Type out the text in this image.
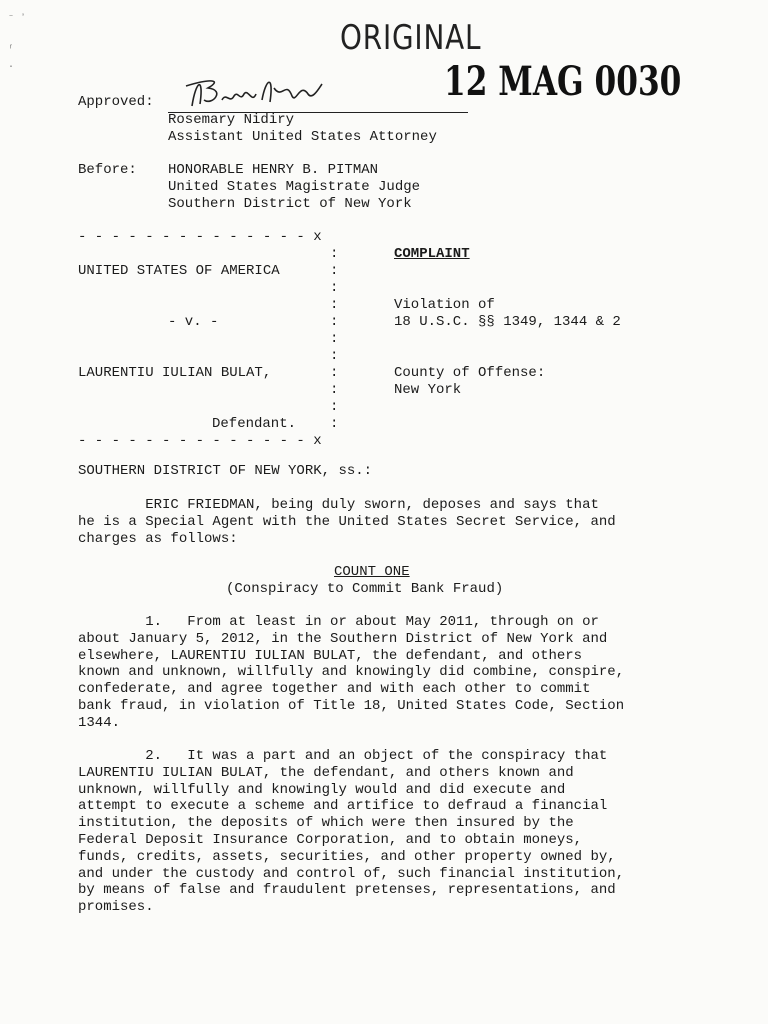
⁻ ʼ
ʳ
·
ORIGINAL
12 MAG 0030
Approved:
Rosemary Nidiry
Assistant United States Attorney
Before: HONORABLE HENRY B. PITMAN
United States Magistrate Judge
Southern District of New York
- - - - - - - - - - - - - - x
COMPLAINT
UNITED STATES OF AMERICA
Violation of
- v. -	18 U.S.C. §§ 1349, 1344 & 2
LAURENTIU IULIAN BULAT,	County of Offense:
New York
Defendant.
- - - - - - - - - - - - - - x
:
:
:
:
:
:
:
:
:
:
:
SOUTHERN DISTRICT OF NEW YORK, ss.:
ERIC FRIEDMAN, being duly sworn, deposes and says that
he is a Special Agent with the United States Secret Service, and
charges as follows:
COUNT ONE
(Conspiracy to Commit Bank Fraud)
1.   From at least in or about May 2011, through on or
about January 5, 2012, in the Southern District of New York and
elsewhere, LAURENTIU IULIAN BULAT, the defendant, and others
known and unknown, willfully and knowingly did combine, conspire,
confederate, and agree together and with each other to commit
bank fraud, in violation of Title 18, United States Code, Section
1344.
2.   It was a part and an object of the conspiracy that
LAURENTIU IULIAN BULAT, the defendant, and others known and
unknown, willfully and knowingly would and did execute and
attempt to execute a scheme and artifice to defraud a financial
institution, the deposits of which were then insured by the
Federal Deposit Insurance Corporation, and to obtain moneys,
funds, credits, assets, securities, and other property owned by,
and under the custody and control of, such financial institution,
by means of false and fraudulent pretenses, representations, and
promises.
